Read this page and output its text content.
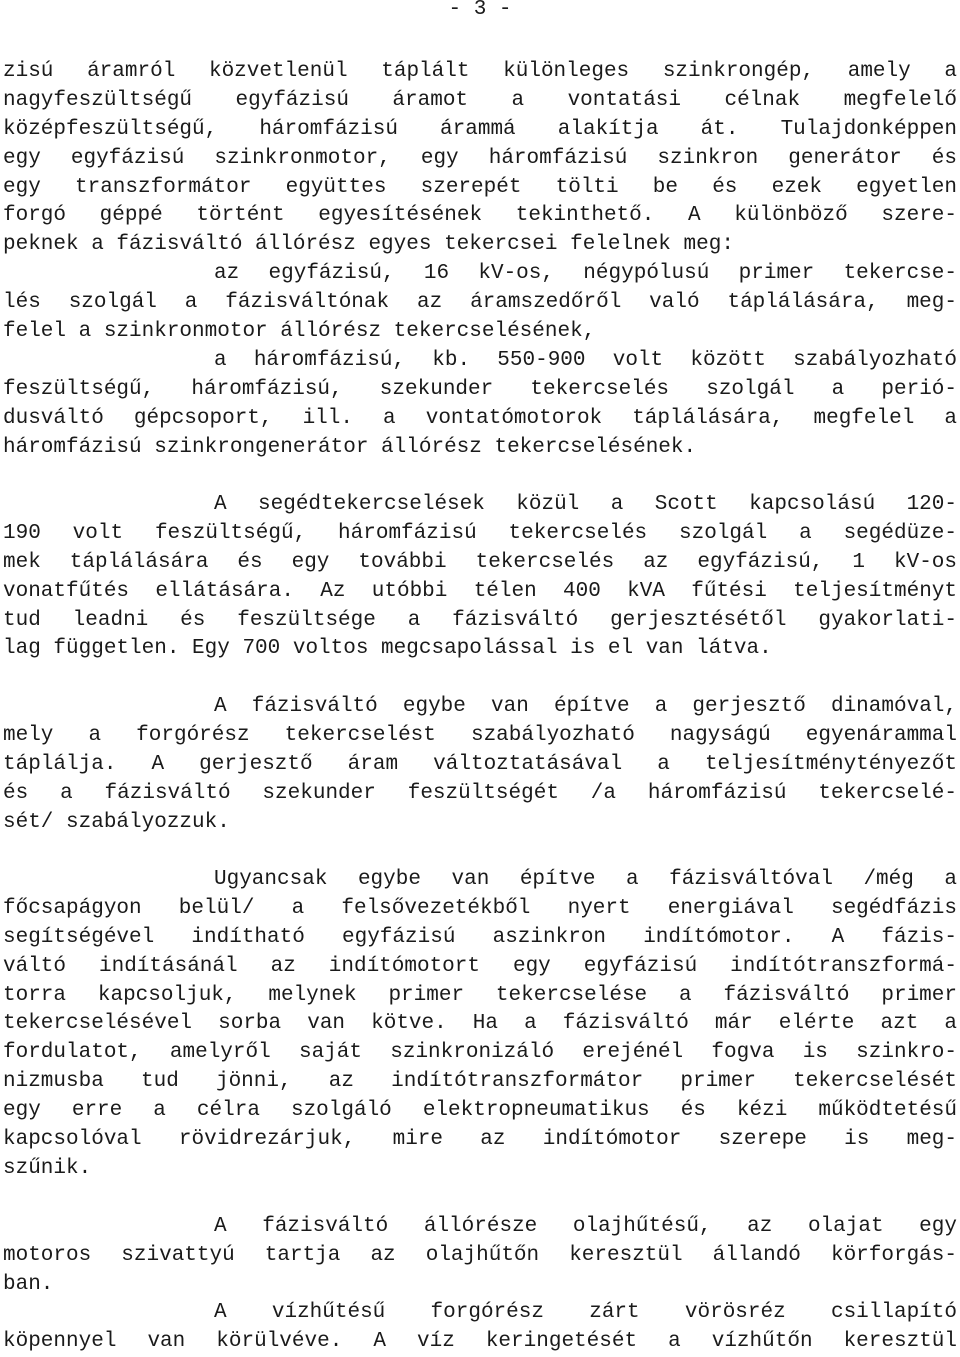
- 3 -
zisú áramról közvetlenül táplált különleges szinkrongép, amely a
nagyfeszültségű egyfázisú áramot a vontatási célnak megfelelő
középfeszültségű, háromfázisú árammá alakítja át. Tulajdonképpen
egy egyfázisú szinkronmotor, egy háromfázisú szinkron generátor és
egy transzformátor együttes szerepét tölti be és ezek egyetlen
forgó géppé történt egyesítésének tekinthető. A különböző szere-
peknek a fázisváltó állórész egyes tekercsei felelnek meg:
az egyfázisú, 16 kV-os, négypólusú primer tekercse-
lés szolgál a fázisváltónak az áramszedőről való táplálására, meg-
felel a szinkronmotor állórész tekercselésének,
a háromfázisú, kb. 550-900 volt között szabályozható
feszültségű, háromfázisú, szekunder tekercselés szolgál a perió-
dusváltó gépcsoport, ill. a vontatómotorok táplálására, megfelel a
háromfázisú szinkrongenerátor állórész tekercselésének.
A segédtekercselések közül a Scott kapcsolású 120-
190 volt feszültségű, háromfázisú tekercselés szolgál a segédüze-
mek táplálására és egy további tekercselés az egyfázisú, 1 kV-os
vonatfűtés ellátására. Az utóbbi télen 400 kVA fűtési teljesítményt
tud leadni és feszültsége a fázisváltó gerjesztésétől gyakorlati-
lag független. Egy 700 voltos megcsapolással is el van látva.
A fázisváltó egybe van építve a gerjesztő dinamóval,
mely a forgórész tekercselést szabályozható nagyságú egyenárammal
táplálja. A gerjesztő áram változtatásával a teljesítménytényezőt
és a fázisváltó szekunder feszültségét /a háromfázisú tekercselé-
sét/ szabályozzuk.
Ugyancsak egybe van építve a fázisváltóval /még a
főcsapágyon belül/ a felsővezetékből nyert energiával segédfázis
segítségével indítható egyfázisú aszinkron indítómotor. A fázis-
váltó indításánál az indítómotort egy egyfázisú indítótranszformá-
torra kapcsoljuk, melynek primer tekercselése a fázisváltó primer
tekercselésével sorba van kötve. Ha a fázisváltó már elérte azt a
fordulatot, amelyről saját szinkronizáló erejénél fogva is szinkro-
nizmusba tud jönni, az indítótranszformátor primer tekercselését
egy erre a célra szolgáló elektropneumatikus és kézi működtetésű
kapcsolóval rövidrezárjuk, mire az indítómotor szerepe is meg-
szűnik.
A fázisváltó állórésze olajhűtésű, az olajat egy
motoros szivattyú tartja az olajhűtőn keresztül állandó körforgás-
ban.
A vízhűtésű forgórész zárt vörösréz csillapító
köpennyel van körülvéve. A víz keringetését a vízhűtőn keresztül
